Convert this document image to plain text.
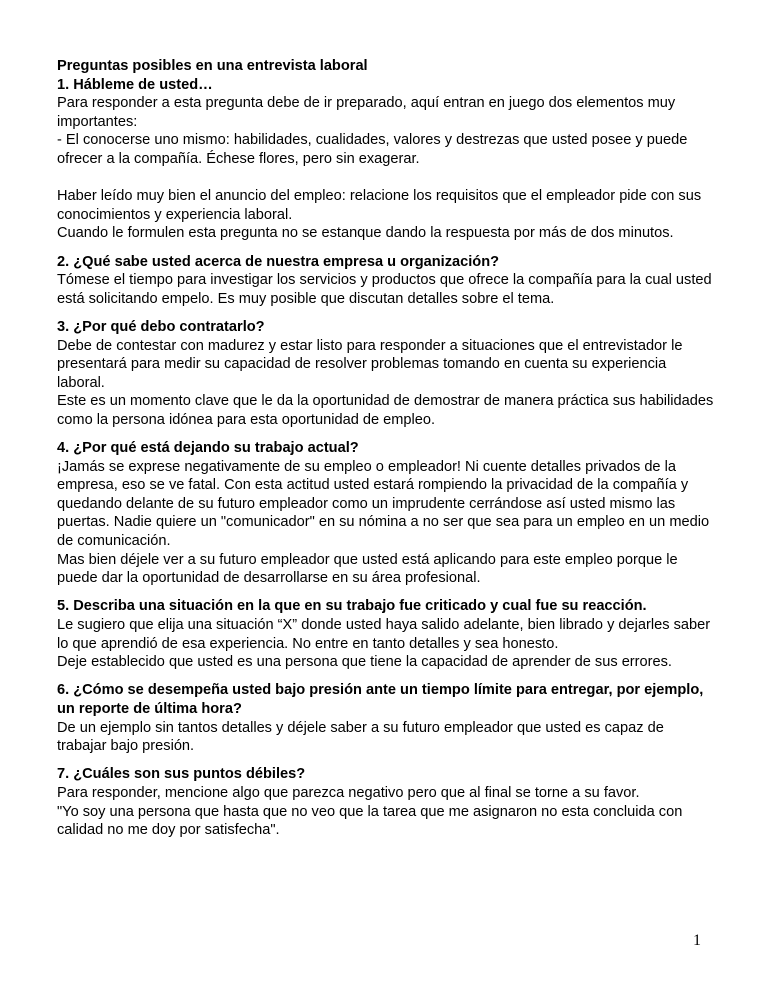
Preguntas posibles en una entrevista laboral

1. Hábleme de usted…

Para responder a esta pregunta debe de ir preparado, aquí entran en juego dos elementos muy importantes:

- El conocerse uno mismo: habilidades, cualidades, valores y destrezas que usted posee y puede ofrecer a la compañía. Échese flores, pero sin exagerar.

Haber leído muy bien el anuncio del empleo: relacione los requisitos que el empleador pide con sus conocimientos y experiencia laboral.

Cuando le formulen esta pregunta no se estanque dando la respuesta por más de dos minutos.

2. ¿Qué sabe usted acerca de nuestra empresa u organización?

Tómese el tiempo para investigar los servicios y productos que ofrece la compañía para la cual usted está solicitando empelo. Es muy posible que discutan detalles sobre el tema.

3. ¿Por qué debo contratarlo?

Debe de contestar con madurez y estar listo para responder a situaciones que el entrevistador le presentará para medir su capacidad de resolver problemas tomando en cuenta su experiencia laboral.

Este es un momento clave que le da la oportunidad de demostrar de manera práctica sus habilidades como la persona idónea para esta oportunidad de empleo.

4. ¿Por qué está dejando su trabajo actual?

¡Jamás se exprese negativamente de su empleo o empleador! Ni cuente detalles privados de la empresa, eso se ve fatal. Con esta actitud usted estará rompiendo la privacidad de la compañía y quedando delante de su futuro empleador como un imprudente cerrándose así usted mismo las puertas. Nadie quiere un "comunicador" en su nómina a no ser que sea para un empleo en un medio de comunicación.

Mas bien déjele ver a su futuro empleador que usted está aplicando para este empleo porque le puede dar la oportunidad de desarrollarse en su área profesional.

5. Describa una situación en la que en su trabajo fue criticado y cual fue su reacción.

Le sugiero que elija una situación “X” donde usted haya salido adelante, bien librado y dejarles saber lo que aprendió de esa experiencia. No entre en tanto detalles y sea honesto.

Deje establecido que usted es una persona que tiene la capacidad de aprender de sus errores.

6. ¿Cómo se desempeña usted bajo presión ante un tiempo límite para entregar, por ejemplo, un reporte de última hora?

De un ejemplo sin tantos detalles y déjele saber a su futuro empleador que usted es capaz de trabajar bajo presión.

7. ¿Cuáles son sus puntos débiles?

Para responder, mencione algo que parezca negativo pero que al final se torne a su favor.

"Yo soy una persona que hasta que no veo que la tarea que me asignaron no esta concluida con calidad no me doy por satisfecha".

1
